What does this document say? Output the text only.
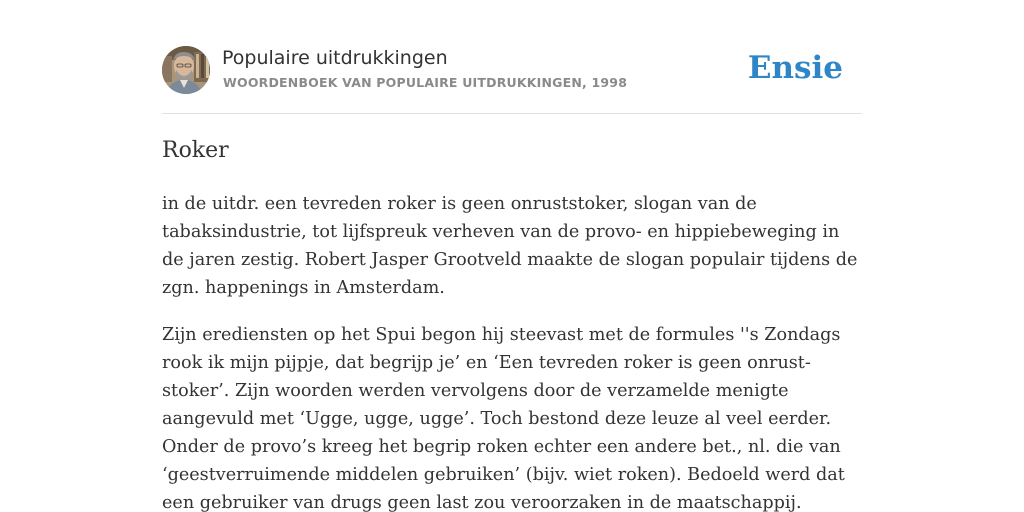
Populaire uitdrukkingen
WOORDENBOEK VAN POPULAIRE UITDRUKKINGEN, 1998	Ensie
Roker

in de uitdr. een tevreden roker is geen onruststoker, slogan van de tabaksindustrie, tot lijfspreuk verheven van de provo- en hippiebeweging in de jaren zestig. Robert Jasper Grootveld maakte de slogan populair tijdens de zgn. happenings in Amsterdam.

Zijn erediensten op het Spui begon hij steevast met de formules ''s Zondags rook ik mijn pijpje, dat begrijp je’ en ‘Een tevreden roker is geen onrust-stoker’. Zijn woorden werden vervolgens door de verzamelde menigte aangevuld met ‘Ugge, ugge, ugge’. Toch bestond deze leuze al veel eerder. Onder de provo’s kreeg het begrip roken echter een andere bet., nl. die van ‘geestverruimende middelen gebruiken’ (bijv. wiet roken). Bedoeld werd dat een gebruiker van drugs geen last zou veroorzaken in de maatschappij.
